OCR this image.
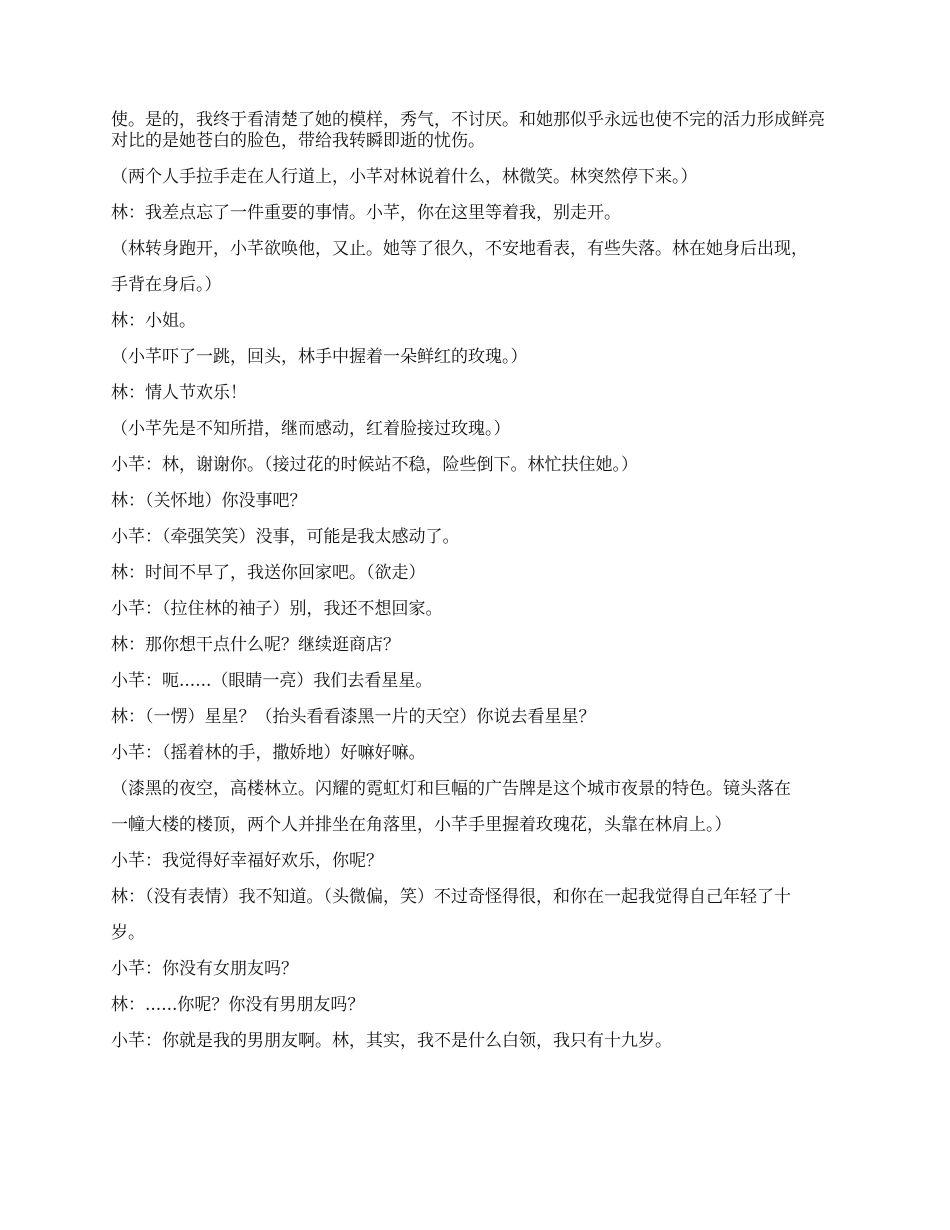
使。是的，我终于看清楚了她的模样，秀气，不讨厌。和她那似乎永远也使不完的活力形成鲜亮对比的是她苍白的脸色，带给我转瞬即逝的忧伤。

（两个人手拉手走在人行道上，小芊对林说着什么，林微笑。林突然停下来。）

林：我差点忘了一件重要的事情。小芊，你在这里等着我，别走开。

（林转身跑开，小芊欲唤他，又止。她等了很久，不安地看表，有些失落。林在她身后出现，

手背在身后。）

林：小姐。

（小芊吓了一跳，回头，林手中握着一朵鲜红的玫瑰。）

林：情人节欢乐！

（小芊先是不知所措，继而感动，红着脸接过玫瑰。）

小芊：林，谢谢你。（接过花的时候站不稳，险些倒下。林忙扶住她。）

林：（关怀地）你没事吧？

小芊：（牵强笑笑）没事，可能是我太感动了。

林：时间不早了，我送你回家吧。（欲走）

小芊：（拉住林的袖子）别，我还不想回家。

林：那你想干点什么呢？继续逛商店？

小芊：呃......（眼睛一亮）我们去看星星。

林：（一愣）星星？（抬头看看漆黑一片的天空）你说去看星星？

小芊：（摇着林的手，撒娇地）好嘛好嘛。

（漆黑的夜空，高楼林立。闪耀的霓虹灯和巨幅的广告牌是这个城市夜景的特色。镜头落在

一幢大楼的楼顶，两个人并排坐在角落里，小芊手里握着玫瑰花，头靠在林肩上。）

小芊：我觉得好幸福好欢乐，你呢？

林：（没有表情）我不知道。（头微偏，笑）不过奇怪得很，和你在一起我觉得自己年轻了十

岁。

小芊：你没有女朋友吗？

林：......你呢？你没有男朋友吗？

小芊：你就是我的男朋友啊。林，其实，我不是什么白领，我只有十九岁。
